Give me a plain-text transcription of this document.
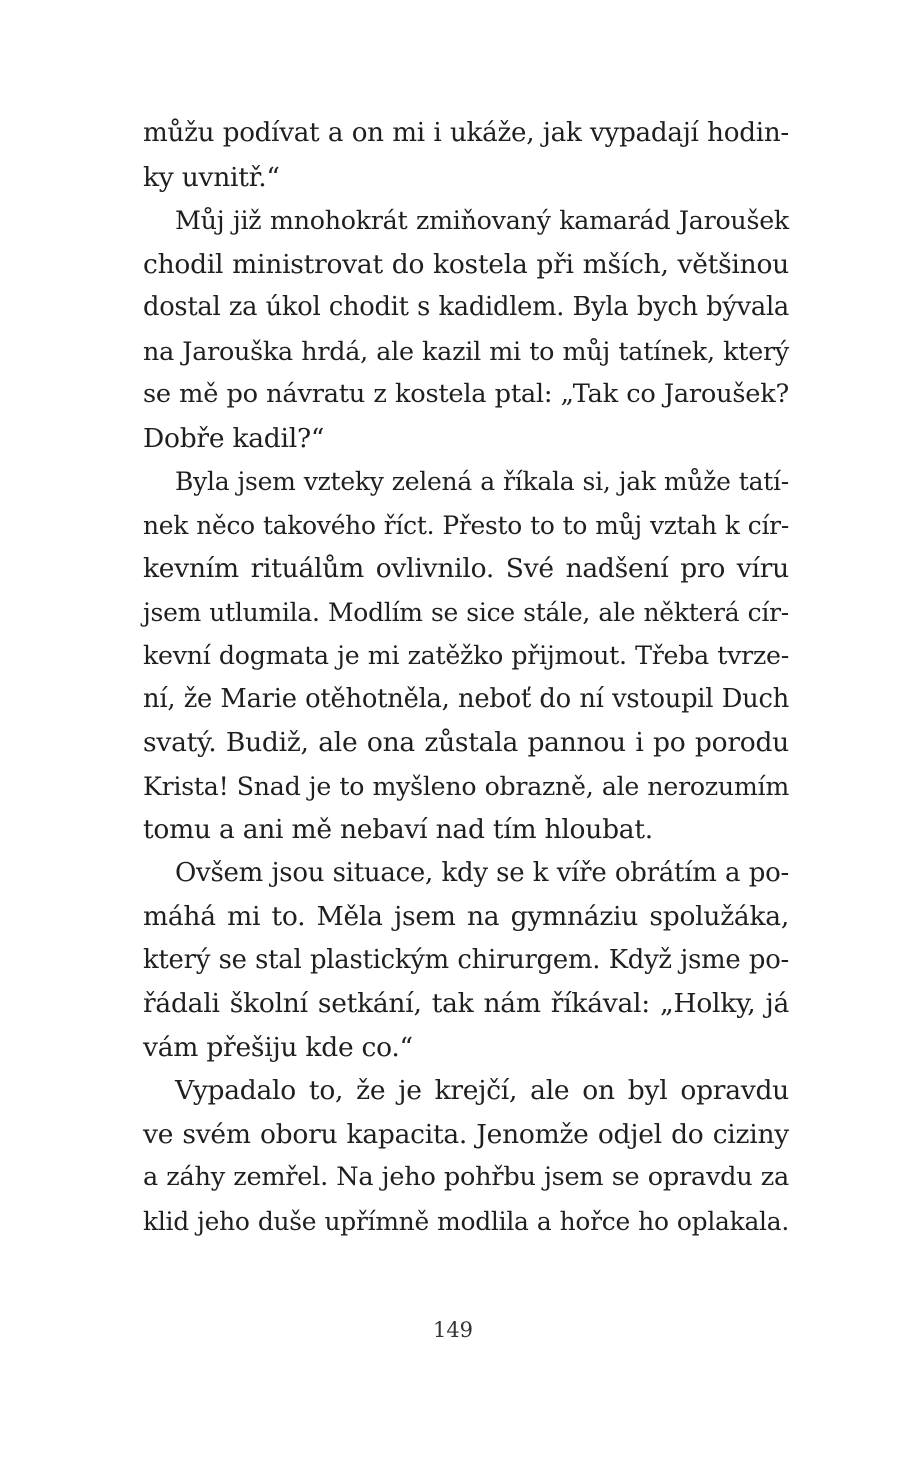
můžu podívat a on mi i ukáže, jak vypadají hodin-
ky uvnitř.“
Můj již mnohokrát zmiňovaný kamarád Jaroušek
chodil ministrovat do kostela při mších, většinou
dostal za úkol chodit s kadidlem. Byla bych bývala
na Jarouška hrdá, ale kazil mi to můj tatínek, který
se mě po návratu z kostela ptal: „Tak co Jaroušek?
Dobře kadil?“
Byla jsem vzteky zelená a říkala si, jak může tatí-
nek něco takového říct. Přesto to to můj vztah k cír-
kevním rituálům ovlivnilo. Své nadšení pro víru
jsem utlumila. Modlím se sice stále, ale některá cír-
kevní dogmata je mi zatěžko přijmout. Třeba tvrze-
ní, že Marie otěhotněla, neboť do ní vstoupil Duch
svatý. Budiž, ale ona zůstala pannou i po porodu
Krista! Snad je to myšleno obrazně, ale nerozumím
tomu a ani mě nebaví nad tím hloubat.
Ovšem jsou situace, kdy se k víře obrátím a po-
máhá mi to. Měla jsem na gymnáziu spolužáka,
který se stal plastickým chirurgem. Když jsme po-
řádali školní setkání, tak nám říkával: „Holky, já
vám přešiju kde co.“
Vypadalo to, že je krejčí, ale on byl opravdu
ve svém oboru kapacita. Jenomže odjel do ciziny
a záhy zemřel. Na jeho pohřbu jsem se opravdu za
klid jeho duše upřímně modlila a hořce ho oplakala.
149
